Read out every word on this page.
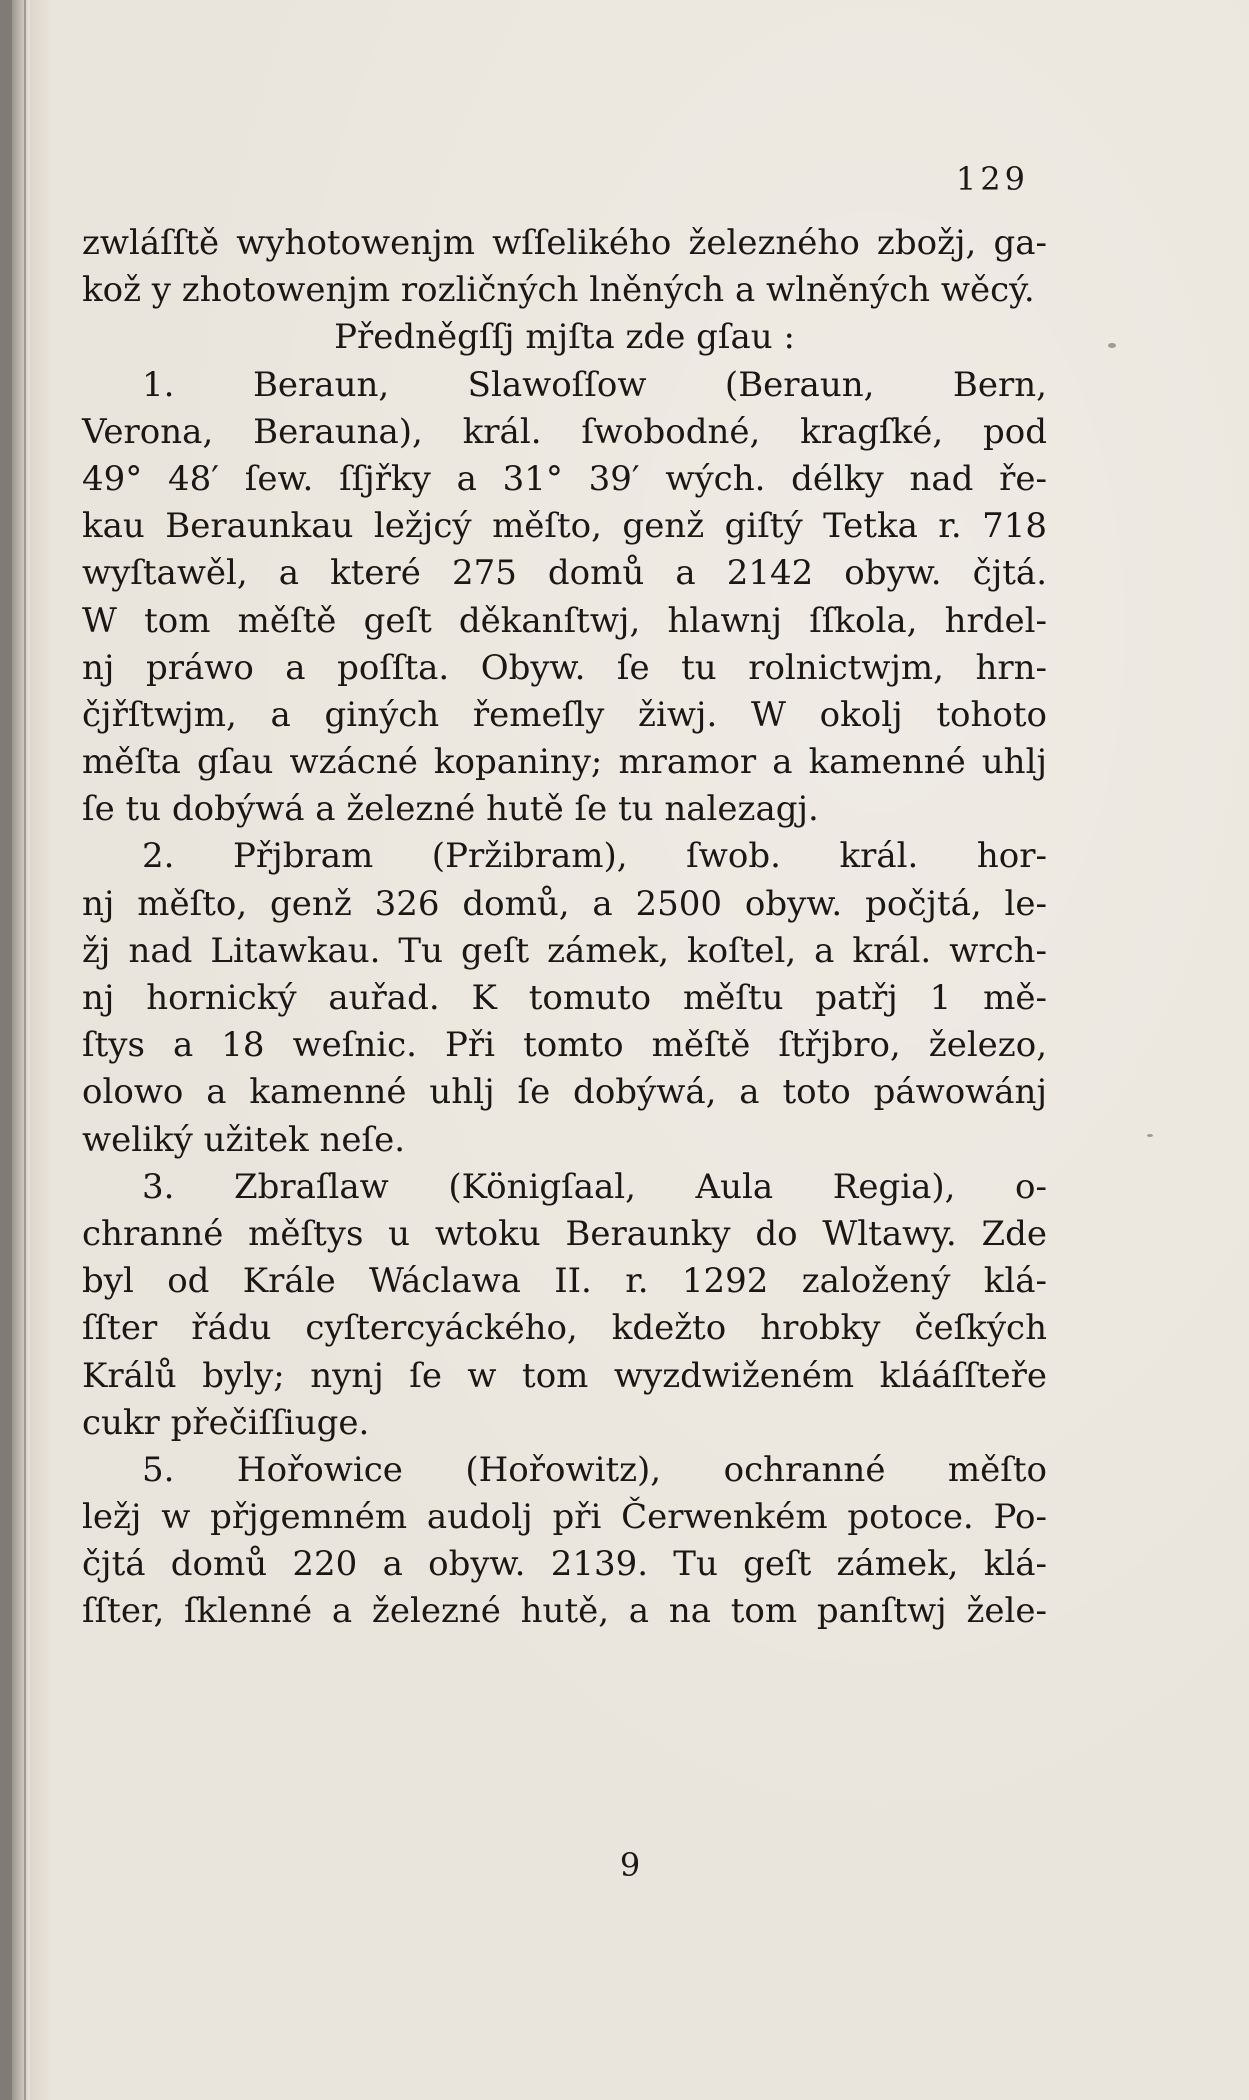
129
zwláſſtě wyhotowenjm wſſelikého železného zbožj, ga-
kož y zhotowenjm rozličných lněných a wlněných wěcý.
Předněgſſj mjſta zde gſau :
1. Beraun, Slawoſſow (Beraun, Bern,
Verona, Berauna), král. ſwobodné, kragſké, pod
49° 48′ ſew. ſſjřky a 31° 39′ wých. délky nad ře-
kau Beraunkau ležjcý měſto, genž giſtý Tetka r. 718
wyſtawěl, a které 275 domů a 2142 obyw. čjtá.
W tom měſtě geſt děkanſtwj, hlawnj ſſkola, hrdel-
nj práwo a poſſta. Obyw. ſe tu rolnictwjm, hrn-
čjřſtwjm, a giných řemeſly žiwj. W okolj tohoto
měſta gſau wzácné kopaniny; mramor a kamenné uhlj
ſe tu dobýwá a železné hutě ſe tu nalezagj.
2. Přjbram (Pržibram), ſwob. král. hor-
nj měſto, genž 326 domů, a 2500 obyw. počjtá, le-
žj nad Litawkau. Tu geſt zámek, koſtel, a král. wrch-
nj hornický auřad. K tomuto měſtu patřj 1 mě-
ſtys a 18 weſnic. Při tomto měſtě ſtřjbro, železo,
olowo a kamenné uhlj ſe dobýwá, a toto páwowánj
weliký užitek neſe.
3. Zbraſlaw (Königſaal, Aula Regia), o-
chranné měſtys u wtoku Beraunky do Wltawy. Zde
byl od Krále Wáclawa II. r. 1292 založený klá-
ſſter řádu cyſtercyáckého, kdežto hrobky čeſkých
Králů byly; nynj ſe w tom wyzdwiženém klááſſteře
cukr přečiſſiuge.
5. Hořowice (Hořowitz), ochranné měſto
ležj w přjgemném audolj při Čerwenkém potoce. Po-
čjtá domů 220 a obyw. 2139. Tu geſt zámek, klá-
ſſter, ſklenné a železné hutě, a na tom panſtwj žele-
9
